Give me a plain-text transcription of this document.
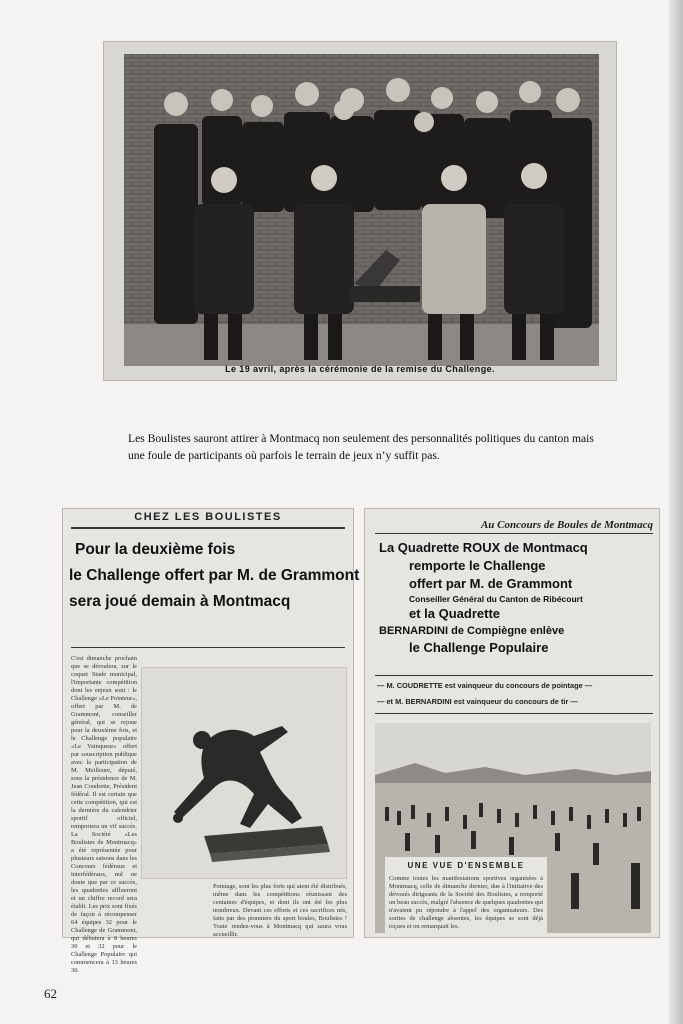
Le 19 avril, après la cérémonie de la remise du Challenge.
Les Boulistes sauront attirer à Montmacq non seulement des personnalités politiques du canton mais une foule de participants où parfois le terrain de jeux n’y suffit pas.
CHEZ LES BOULISTES
Pour la deuxième fois
le Challenge offert par M. de Grammont
sera joué demain à Montmacq
C'est dimanche prochain que se déroulera, sur le coquet Stade municipal, l'importante compétition dont les enjeux sont : le Challenge «Le Pointeur», offert par M. de Grammont, conseiller général, qui se rejoue pour la deuxième fois, et le Challenge populaire «Le Vainqueur» offert par souscription publique avec la participation de M. Meilleure, député, sous la présidence de M. Jean Coudrette, Président fédéral. Il est certain que cette compétition, qui est la dernière du calendrier sportif officiel, remportera un vif succès. La Société «Les Boulistes de Montmacq» a été représentée pour plusieurs saisons dans les Concours fédéraux et interfédéraux, nul ne doute que par ce succès, les quadrettes afflueront et un chiffre record sera établi. Les prix sont fixés de façon à récompenser 64 équipes 32 pour le Challenge de Grammont, qui débutera à 8 heures 30 et 32 pour le Challenge Populaire qui commencera à 13 heures 30.
Pointage, sont les plus forts qui aient été distribués, même dans les compétitions réunissant des centaines d'équipes, et dont ils ont été les plus nombreux. Devant ces efforts et ces sacrifices nés, faits par des pionniers du sport boules, Boulistes ! Toute rendez-vous à Montmacq qui saura vous accueillir.
Au Concours de Boules de Montmacq
La Quadrette ROUX de Montmacq
remporte le Challenge
offert par M. de Grammont
Conseiller Général du Canton de Ribécourt
et la Quadrette
BERNARDINI de Compiègne enlève
le Challenge Populaire
— M. COUDRETTE est vainqueur du concours de pointage —
— et M. BERNARDINI est vainqueur du concours de tir —
UNE VUE D'ENSEMBLE
Comme toutes les manifestations sportives organisées à Montmacq, celle de dimanche dernier, due à l'initiative des dévoués dirigeants de la Société des Boulistes, a remporté un beau succès, malgré l'absence de quelques quadrettes qui n'avaient pu répondre à l'appel des organisateurs. Des sorties de challenge absentes, les équipes se sont déjà reçues et on remarquait les.
62
